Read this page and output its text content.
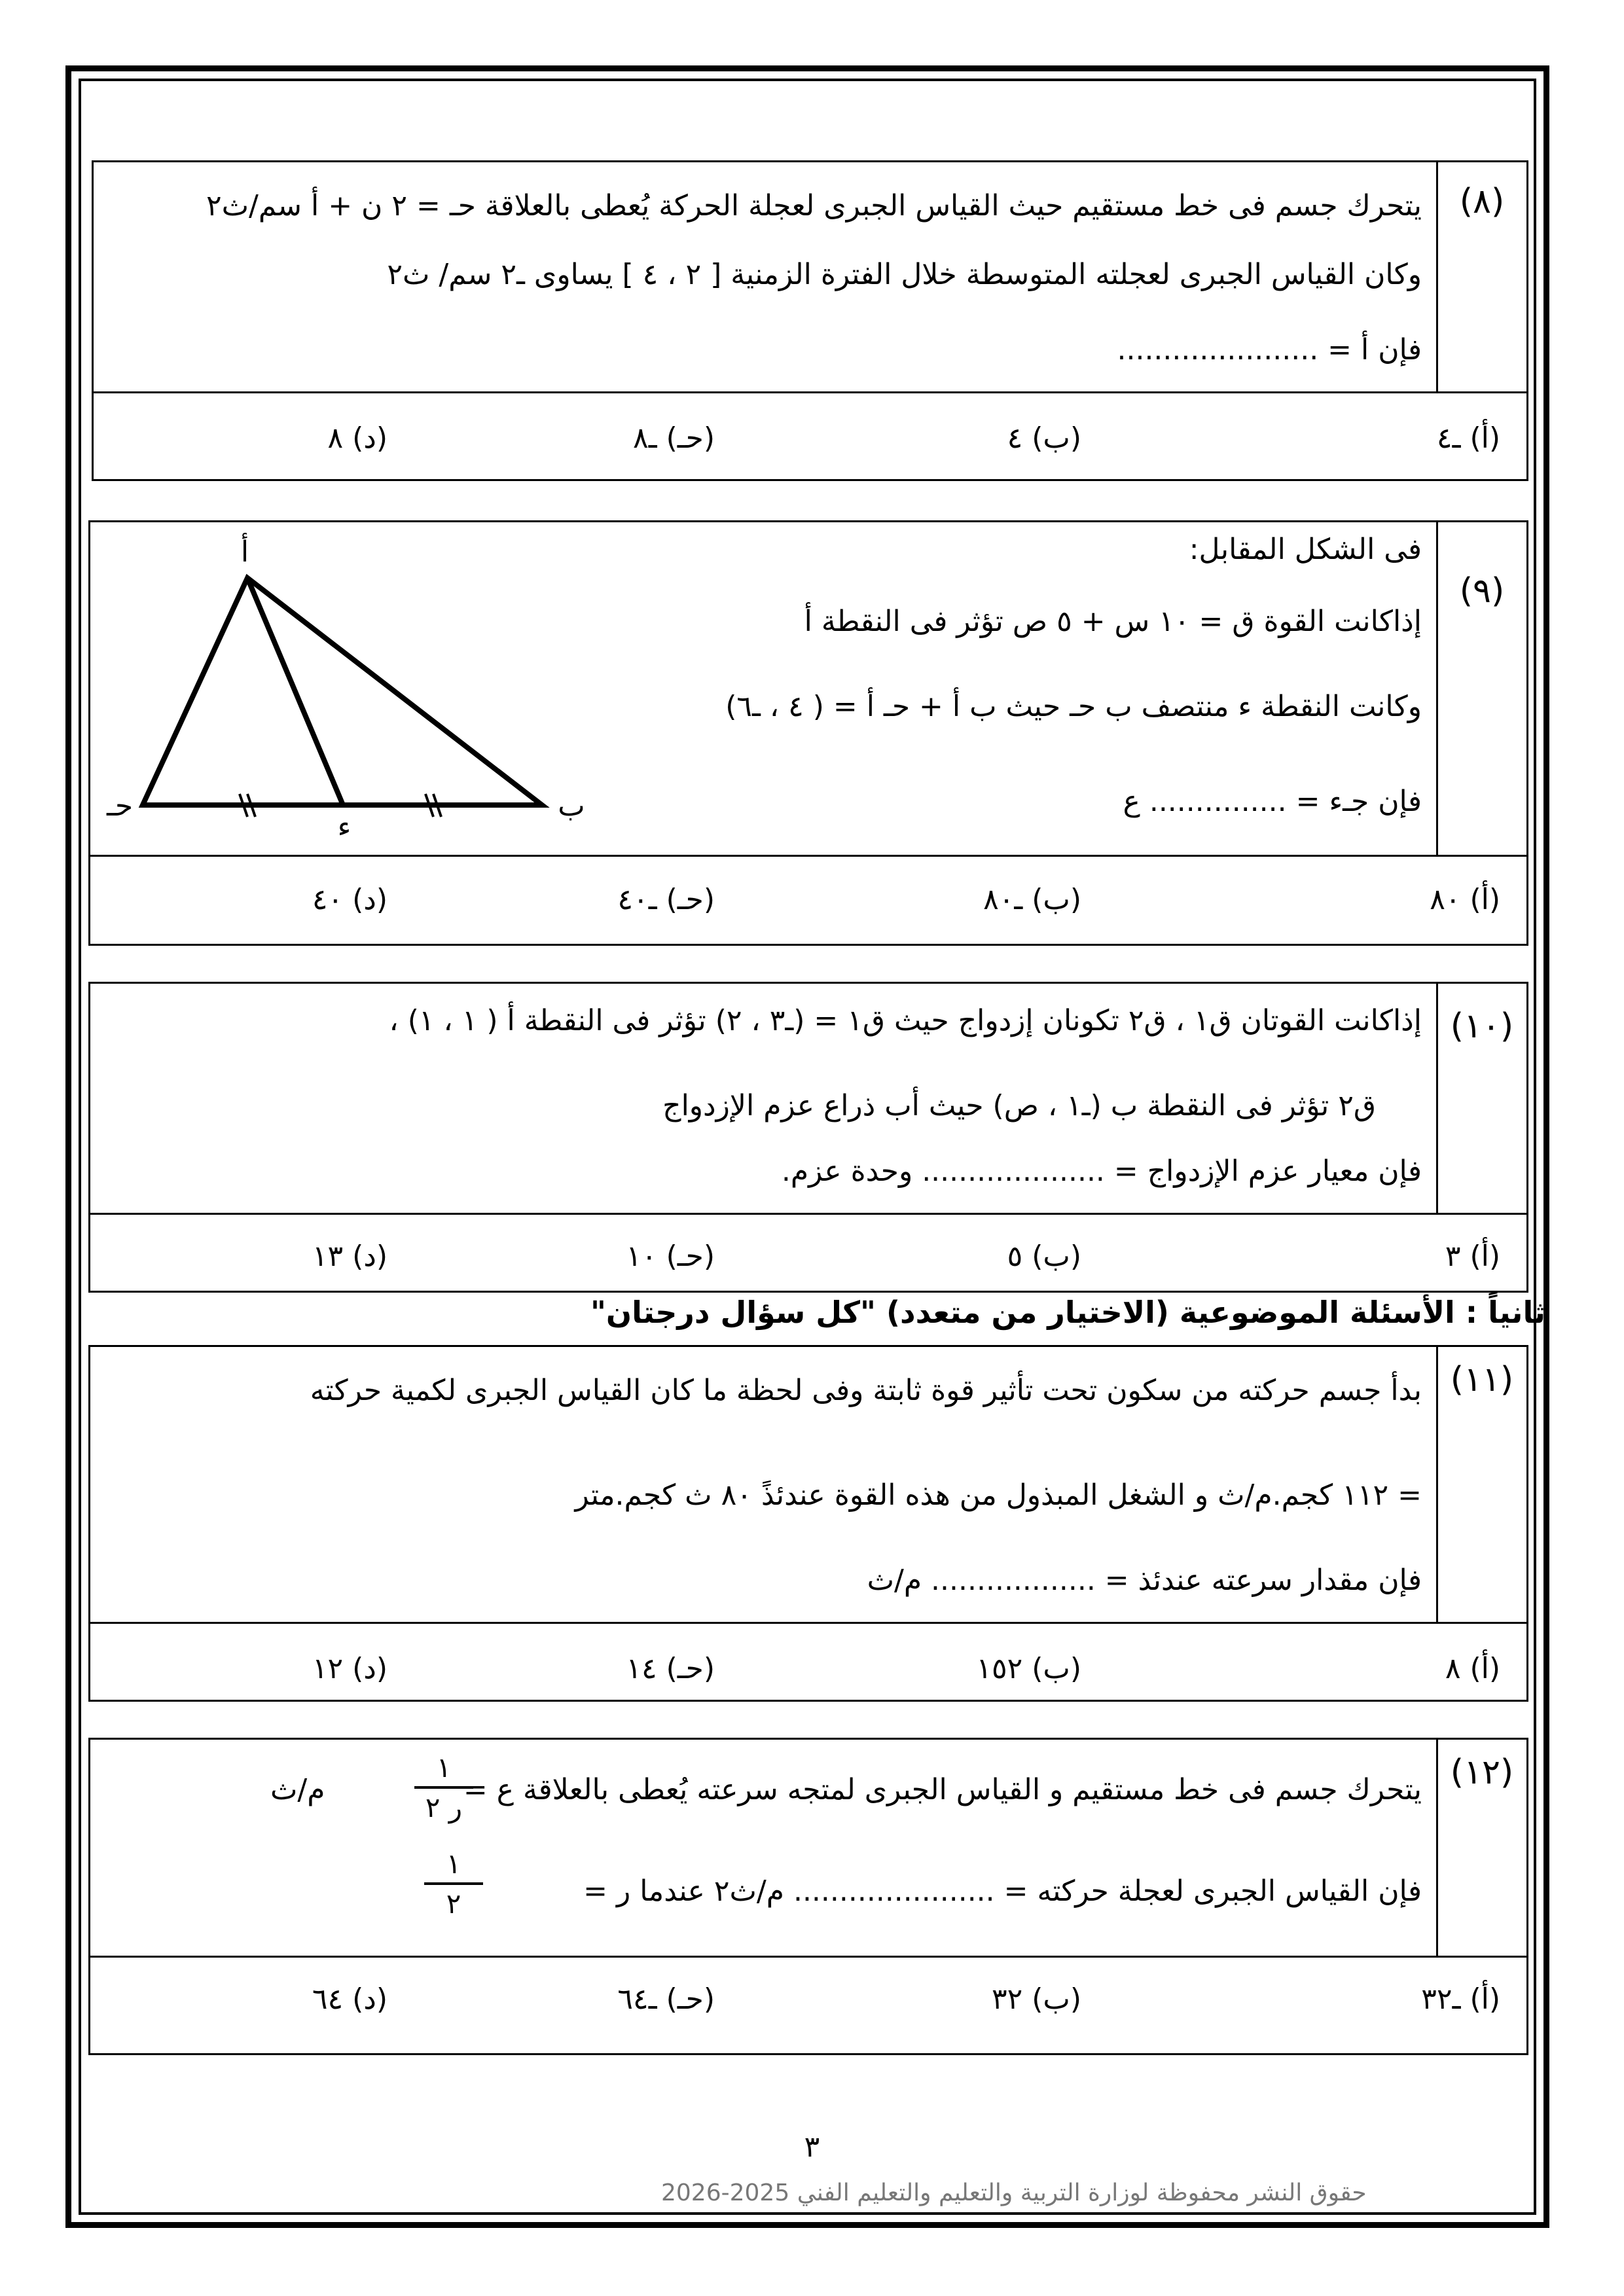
(٨)
يتحرك جسم فى خط مستقيم حيث القياس الجبرى لعجلة الحركة يُعطى بالعلاقة حـ = ٢ ن + أ سم/ث٢
وكان القياس الجبرى لعجلته المتوسطة خلال الفترة الزمنية [ ٢ ، ٤ ] يساوى ـ٢ سم/ ث٢
فإن أ = ......................
(أ) ـ٤
(ب) ٤
(حـ) ـ٨
(د) ٨
(٩)
فى الشكل المقابل:
إذاكانت القوة ق = ١٠ س + ٥ ص تؤثر فى النقطة أ
وكانت النقطة ء منتصف ب حـ حيث ب أ + حـ أ = ( ٤ ، ـ٦)
فإن جـء = ............... ع
أ
ب
حـ
ء
(أ) ٨٠
(ب) ـ٨٠
(حـ) ـ٤٠
(د) ٤٠
(١٠)
إذاكانت القوتان ق١ ، ق٢ تكونان إزدواج حيث ق١ = (ـ٣ ، ٢) تؤثر فى النقطة أ ( ١ ، ١) ،
ق٢ تؤثر فى النقطة ب (ـ١ ، ص) حيث أب ذراع عزم الإزدواج
فإن معيار عزم الإزدواج = .................... وحدة عزم.
(أ) ٣
(ب) ٥
(حـ) ١٠
(د) ١٣
ثانياً : الأسئلة الموضوعية (الاختيار من متعدد) "كل سؤال درجتان"
(١١)
بدأ جسم حركته من سكون تحت تأثير قوة ثابتة وفى لحظة ما كان القياس الجبرى لكمية حركته
= ١١٢ كجم.م/ث و الشغل المبذول من هذه القوة عندئذً ٨٠ ث كجم.متر
فإن مقدار سرعته عندئذ = .................. م/ث
(أ) ٨
(ب) ١٥٢
(حـ) ١٤
(د) ١٢
(١٢)
يتحرك جسم فى خط مستقيم و القياس الجبرى لمتجه سرعته يُعطى بالعلاقة ع =
١
ر ٢
م/ث
فإن القياس الجبرى لعجلة حركته = ...................... م/ث٢ عندما ر =
١
٢
(أ) ـ٣٢
(ب) ٣٢
(حـ) ـ٦٤
(د) ٦٤
٣
حقوق النشر محفوظة لوزارة التربية والتعليم والتعليم الفني 2025-2026
